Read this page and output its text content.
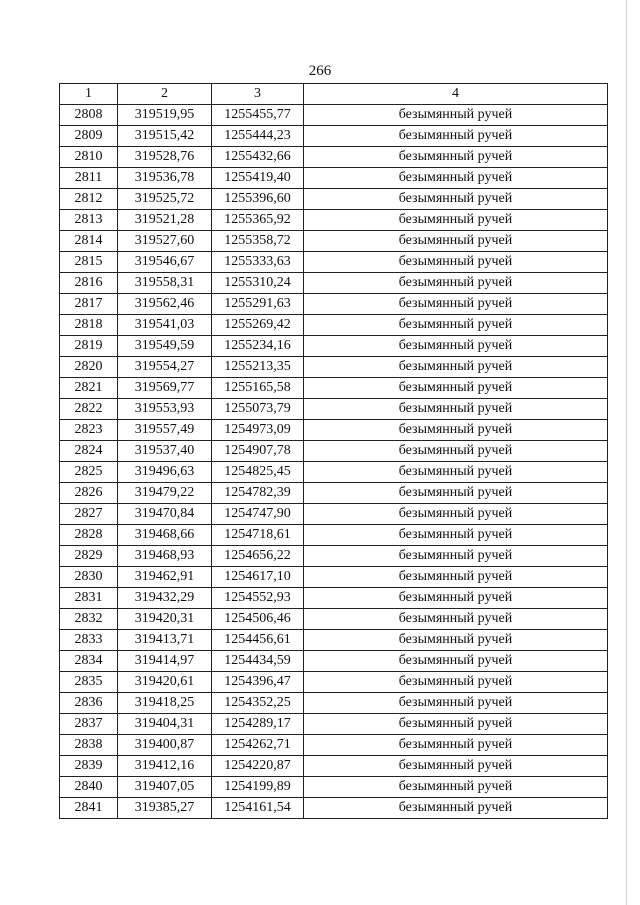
266
1	2	3	4
2808	319519,95	1255455,77	безымянный ручей
2809	319515,42	1255444,23	безымянный ручей
2810	319528,76	1255432,66	безымянный ручей
2811	319536,78	1255419,40	безымянный ручей
2812	319525,72	1255396,60	безымянный ручей
2813	319521,28	1255365,92	безымянный ручей
2814	319527,60	1255358,72	безымянный ручей
2815	319546,67	1255333,63	безымянный ручей
2816	319558,31	1255310,24	безымянный ручей
2817	319562,46	1255291,63	безымянный ручей
2818	319541,03	1255269,42	безымянный ручей
2819	319549,59	1255234,16	безымянный ручей
2820	319554,27	1255213,35	безымянный ручей
2821	319569,77	1255165,58	безымянный ручей
2822	319553,93	1255073,79	безымянный ручей
2823	319557,49	1254973,09	безымянный ручей
2824	319537,40	1254907,78	безымянный ручей
2825	319496,63	1254825,45	безымянный ручей
2826	319479,22	1254782,39	безымянный ручей
2827	319470,84	1254747,90	безымянный ручей
2828	319468,66	1254718,61	безымянный ручей
2829	319468,93	1254656,22	безымянный ручей
2830	319462,91	1254617,10	безымянный ручей
2831	319432,29	1254552,93	безымянный ручей
2832	319420,31	1254506,46	безымянный ручей
2833	319413,71	1254456,61	безымянный ручей
2834	319414,97	1254434,59	безымянный ручей
2835	319420,61	1254396,47	безымянный ручей
2836	319418,25	1254352,25	безымянный ручей
2837	319404,31	1254289,17	безымянный ручей
2838	319400,87	1254262,71	безымянный ручей
2839	319412,16	1254220,87	безымянный ручей
2840	319407,05	1254199,89	безымянный ручей
2841	319385,27	1254161,54	безымянный ручей
